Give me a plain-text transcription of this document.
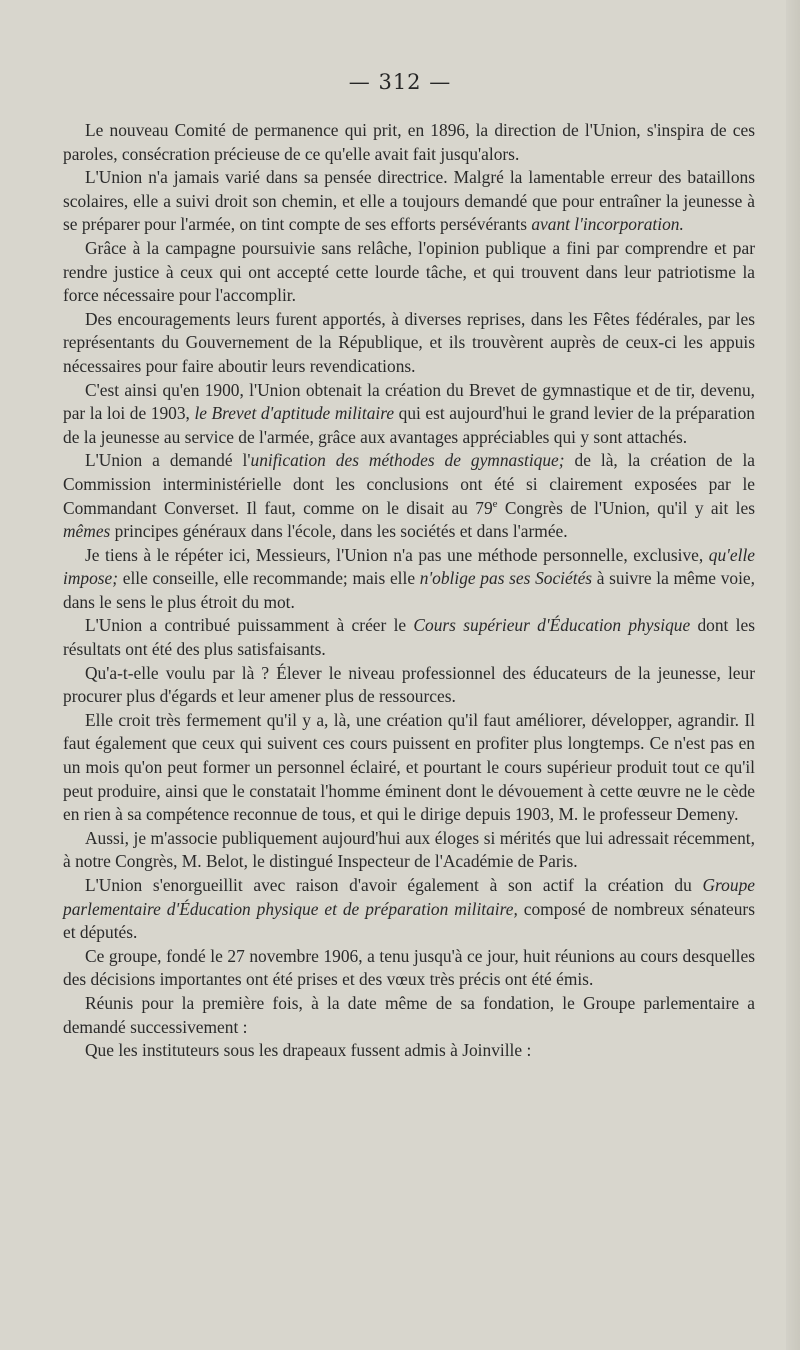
— 312 —

Le nouveau Comité de permanence qui prit, en 1896, la direction de l'Union, s'inspira de ces paroles, consécration précieuse de ce qu'elle avait fait jusqu'alors.

L'Union n'a jamais varié dans sa pensée directrice. Malgré la lamentable erreur des bataillons scolaires, elle a suivi droit son chemin, et elle a toujours demandé que pour entraîner la jeunesse à se préparer pour l'armée, on tint compte de ses efforts persévérants avant l'incorporation.

Grâce à la campagne poursuivie sans relâche, l'opinion publique a fini par comprendre et par rendre justice à ceux qui ont accepté cette lourde tâche, et qui trouvent dans leur patriotisme la force nécessaire pour l'accomplir.

Des encouragements leurs furent apportés, à diverses reprises, dans les Fêtes fédérales, par les représentants du Gouvernement de la République, et ils trouvèrent auprès de ceux-ci les appuis nécessaires pour faire aboutir leurs revendications.

C'est ainsi qu'en 1900, l'Union obtenait la création du Brevet de gymnastique et de tir, devenu, par la loi de 1903, le Brevet d'aptitude militaire qui est aujourd'hui le grand levier de la préparation de la jeunesse au service de l'armée, grâce aux avantages appréciables qui y sont attachés.

L'Union a demandé l'unification des méthodes de gymnastique; de là, la création de la Commission interministérielle dont les conclusions ont été si clairement exposées par le Commandant Converset. Il faut, comme on le disait au 79e Congrès de l'Union, qu'il y ait les mêmes principes généraux dans l'école, dans les sociétés et dans l'armée.

Je tiens à le répéter ici, Messieurs, l'Union n'a pas une méthode personnelle, exclusive, qu'elle impose; elle conseille, elle recommande; mais elle n'oblige pas ses Sociétés à suivre la même voie, dans le sens le plus étroit du mot.

L'Union a contribué puissamment à créer le Cours supérieur d'Éducation physique dont les résultats ont été des plus satisfaisants.

Qu'a-t-elle voulu par là ? Élever le niveau professionnel des éducateurs de la jeunesse, leur procurer plus d'égards et leur amener plus de ressources.

Elle croit très fermement qu'il y a, là, une création qu'il faut améliorer, développer, agrandir. Il faut également que ceux qui suivent ces cours puissent en profiter plus longtemps. Ce n'est pas en un mois qu'on peut former un personnel éclairé, et pourtant le cours supérieur produit tout ce qu'il peut produire, ainsi que le constatait l'homme éminent dont le dévouement à cette œuvre ne le cède en rien à sa compétence reconnue de tous, et qui le dirige depuis 1903, M. le professeur Demeny.

Aussi, je m'associe publiquement aujourd'hui aux éloges si mérités que lui adressait récemment, à notre Congrès, M. Belot, le distingué Inspecteur de l'Académie de Paris.

L'Union s'enorgueillit avec raison d'avoir également à son actif la création du Groupe parlementaire d'Éducation physique et de préparation militaire, composé de nombreux sénateurs et députés.

Ce groupe, fondé le 27 novembre 1906, a tenu jusqu'à ce jour, huit réunions au cours desquelles des décisions importantes ont été prises et des vœux très précis ont été émis.

Réunis pour la première fois, à la date même de sa fondation, le Groupe parlementaire a demandé successivement :

Que les instituteurs sous les drapeaux fussent admis à Joinville :
